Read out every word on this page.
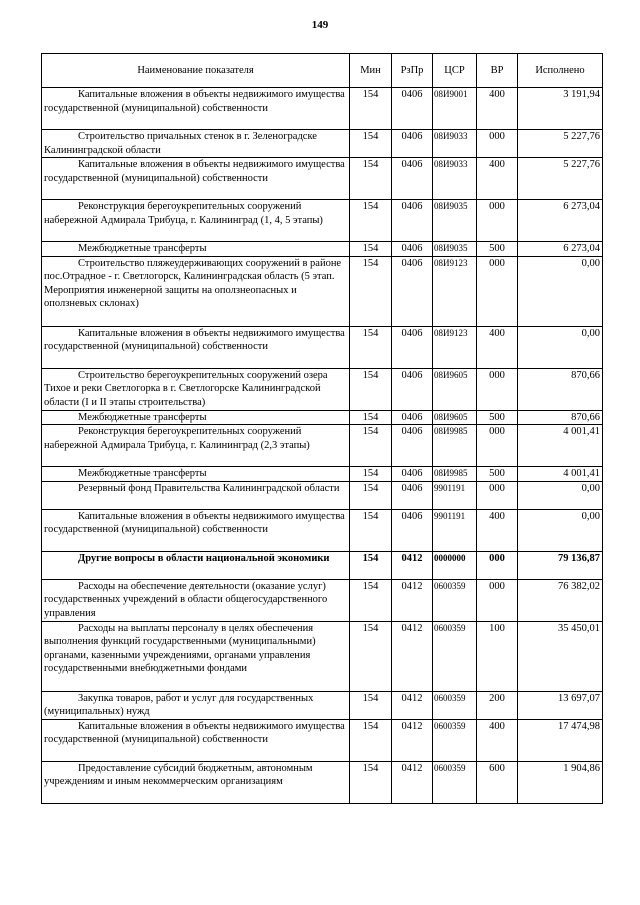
149
Наименование показателя	Мин	РзПр	ЦСР	ВР	Исполнено
Капитальные вложения в объекты недвижимого имущества государственной (муниципальной) собственности	154	0406	08И9001	400	3 191,94
Строительство причальных стенок в г. Зеленоградске Калининградской области	154	0406	08И9033	000	5 227,76
Капитальные вложения в объекты недвижимого имущества государственной (муниципальной) собственности	154	0406	08И9033	400	5 227,76
Реконструкция берегоукрепительных сооружений набережной Адмирала Трибуца, г. Калининград (1, 4, 5 этапы)	154	0406	08И9035	000	6 273,04
Межбюджетные трансферты	154	0406	08И9035	500	6 273,04
Строительство пляжеудерживающих сооружений в районе пос.Отрадное - г. Светлогорск, Калининградская область (5 этап. Мероприятия инженерной защиты на оползнеопасных и оползневых склонах)	154	0406	08И9123	000	0,00
Капитальные вложения в объекты недвижимого имущества государственной (муниципальной) собственности	154	0406	08И9123	400	0,00
Строительство берегоукрепительных сооружений озера Тихое и реки Светлогорка в г. Светлогорске Калининградской области (I и II этапы строительства)	154	0406	08И9605	000	870,66
Межбюджетные трансферты	154	0406	08И9605	500	870,66
Реконструкция берегоукрепительных сооружений набережной Адмирала Трибуца, г. Калининград (2,3 этапы)	154	0406	08И9985	000	4 001,41
Межбюджетные трансферты	154	0406	08И9985	500	4 001,41
Резервный фонд Правительства Калининградской области	154	0406	9901191	000	0,00
Капитальные вложения в объекты недвижимого имущества государственной (муниципальной) собственности	154	0406	9901191	400	0,00
Другие вопросы в области национальной экономики	154	0412	0000000	000	79 136,87
Расходы на обеспечение деятельности (оказание услуг) государственных учреждений в области общегосударственного управления	154	0412	0600359	000	76 382,02
Расходы на выплаты персоналу в целях обеспечения выполнения функций государственными (муниципальными) органами, казенными учреждениями, органами управления государственными внебюджетными фондами	154	0412	0600359	100	35 450,01
Закупка товаров, работ и услуг для государственных (муниципальных) нужд	154	0412	0600359	200	13 697,07
Капитальные вложения в объекты недвижимого имущества государственной (муниципальной) собственности	154	0412	0600359	400	17 474,98
Предоставление субсидий бюджетным, автономным учреждениям и иным некоммерческим организациям	154	0412	0600359	600	1 904,86
